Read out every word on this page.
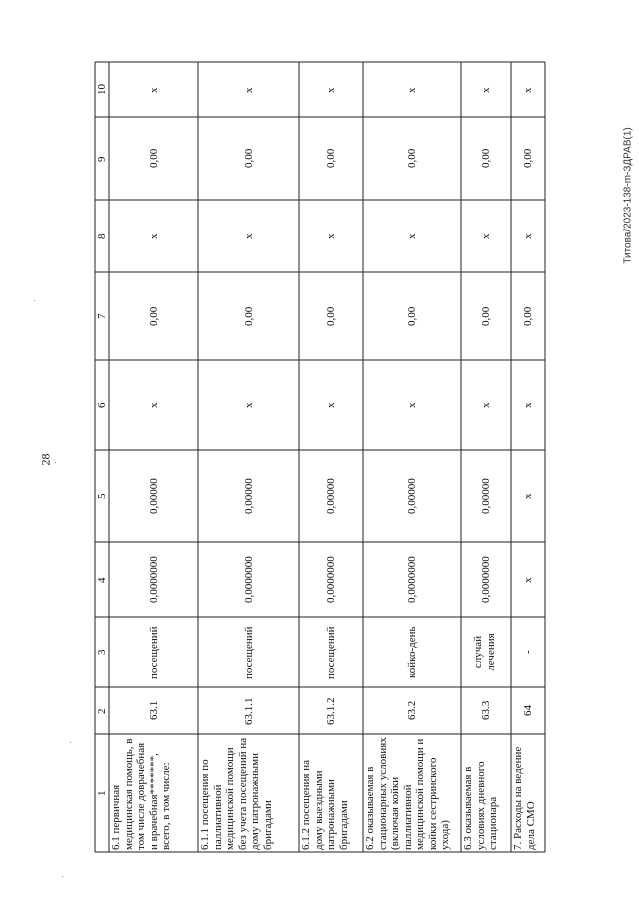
28
Титова/2023-138-m-ЗДРАВ(1)
1
2
3
4
5
6
7
8
9
10	x
0,00
x
0,00
x
0,00000
0,0000000
посещений
63.1
6.1 первичная медицинская помощь, в том числе доврачебная и врачебная*******, всего, в том числе:
x
0,00
x
0,00
x
0,00000
0,0000000
посещений
63.1.1
6.1.1 посещения по паллиативной медицинской помощи без учета посещений на дому патронажными бригадами
x
0,00
x
0,00
x
0,00000
0,0000000
посещений
63.1.2
6.1.2 посещения на дому выездными патронажными бригадами
x
0,00
x
0,00
x
0,00000
0,0000000
койко-день
63.2
6.2 оказываемая в стационарных условиях (включая койки паллиативной медицинской помощи и койки сестринского ухода)
x
0,00
x
0,00
x
0,00000
0,0000000
случай лечения
63.3
6.3 оказываемая в условиях дневного стационара
x
0,00
x
0,00
x
x
x
-
64
7. Расходы на ведение дела СМО
